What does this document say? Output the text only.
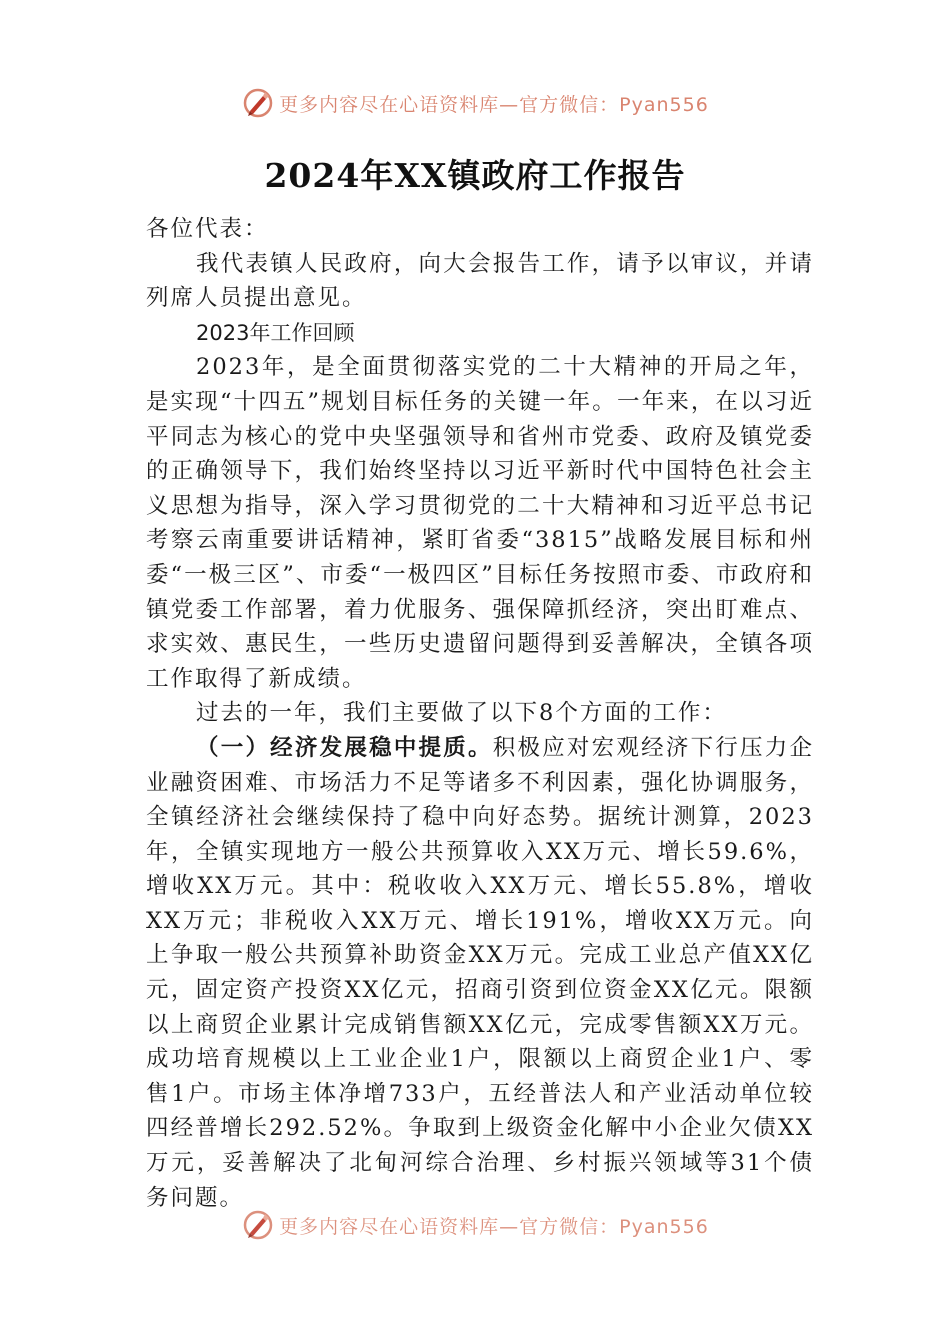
更多内容尽在心语资料库—官方微信：Pyan556
2024年XX镇政府工作报告

各位代表：

我代表镇人民政府，向大会报告工作，请予以审议，并请列席人员提出意见。

2023年工作回顾

2023年，是全面贯彻落实党的二十大精神的开局之年，是实现“十四五”规划目标任务的关键一年。一年来，在以习近平同志为核心的党中央坚强领导和省州市党委、政府及镇党委的正确领导下，我们始终坚持以习近平新时代中国特色社会主义思想为指导，深入学习贯彻党的二十大精神和习近平总书记考察云南重要讲话精神，紧盯省委“3815”战略发展目标和州委“一极三区”、市委“一极四区”目标任务按照市委、市政府和镇党委工作部署，着力优服务、强保障抓经济，突出盯难点、求实效、惠民生，一些历史遗留问题得到妥善解决，全镇各项工作取得了新成绩。

过去的一年，我们主要做了以下8个方面的工作：

（一）经济发展稳中提质。积极应对宏观经济下行压力企业融资困难、市场活力不足等诸多不利因素，强化协调服务，全镇经济社会继续保持了稳中向好态势。据统计测算，2023年，全镇实现地方一般公共预算收入XX万元、增长59.6%，增收XX万元。其中：税收收入XX万元、增长55.8%，增收XX万元；非税收入XX万元、增长191%，增收XX万元。向上争取一般公共预算补助资金XX万元。完成工业总产值XX亿元，固定资产投资XX亿元，招商引资到位资金XX亿元。限额以上商贸企业累计完成销售额XX亿元，完成零售额XX万元。成功培育规模以上工业企业1户，限额以上商贸企业1户、零售1户。市场主体净增733户，五经普法人和产业活动单位较四经普增长292.52%。争取到上级资金化解中小企业欠债XX万元，妥善解决了北甸河综合治理、乡村振兴领域等31个债务问题。

更多内容尽在心语资料库—官方微信：Pyan556
